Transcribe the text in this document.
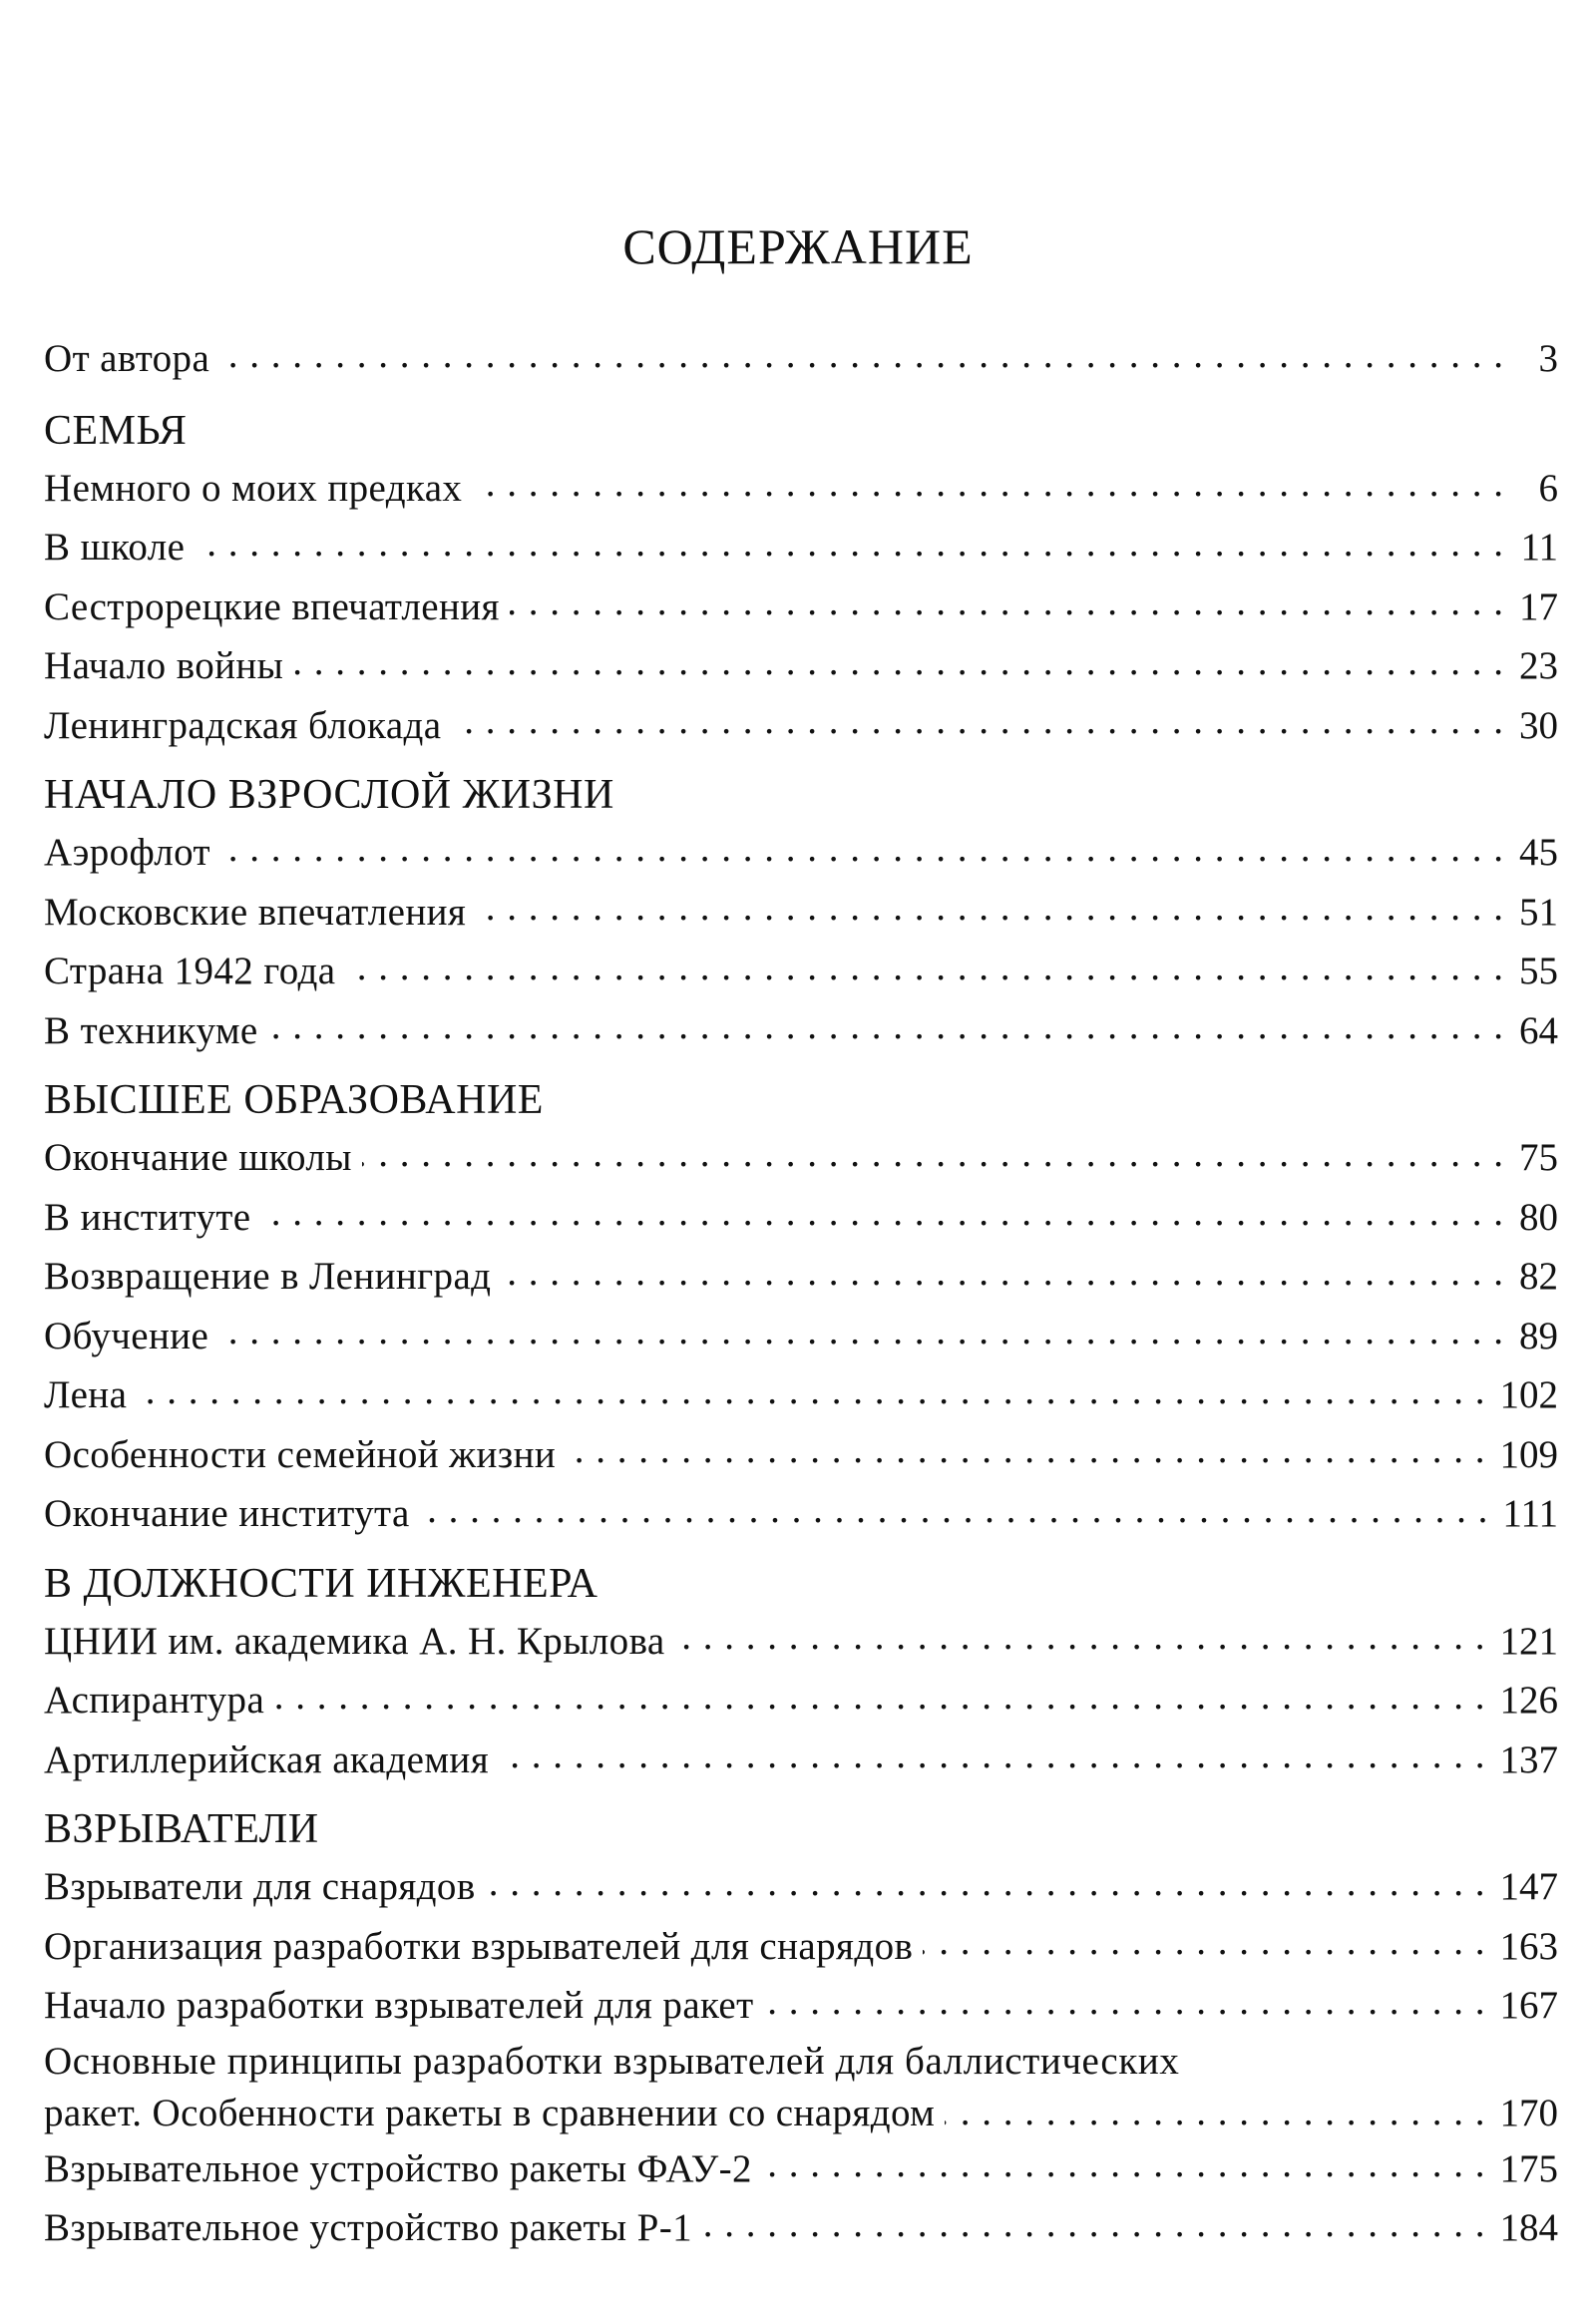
СОДЕРЖАНИЕ
От автора . . .	3
СЕМЬЯ
Немного о моих предках . . .	6
В школе . . .	11
Сестрорецкие впечатления . . .	17
Начало войны . . .	23
Ленинградская блокада . . .	30
НАЧАЛО ВЗРОСЛОЙ ЖИЗНИ
Аэрофлот . . .	45
Московские впечатления . . .	51
Страна 1942 года . . .	55
В техникуме . . .	64
ВЫСШЕЕ ОБРАЗОВАНИЕ
Окончание школы . . .	75
В институте . . .	80
Возвращение в Ленинград . . .	82
Обучение . . .	89
Лена . . .	102
Особенности семейной жизни . . .	109
Окончание института . . .	111
В ДОЛЖНОСТИ ИНЖЕНЕРА
ЦНИИ им. академика А. Н. Крылова . . .	121
Аспирантура . . .	126
Артиллерийская академия . . .	137
ВЗРЫВАТЕЛИ
Взрыватели для снарядов . . .	147
Организация разработки взрывателей для снарядов . . .	163
Начало разработки взрывателей для ракет . . .	167
Основные принципы разработки взрывателей для баллистических
ракет. Особенности ракеты в сравнении со снарядом . . .	170
Взрывательное устройство ракеты ФАУ-2 . . .	175
Взрывательное устройство ракеты Р-1 . . .	184
